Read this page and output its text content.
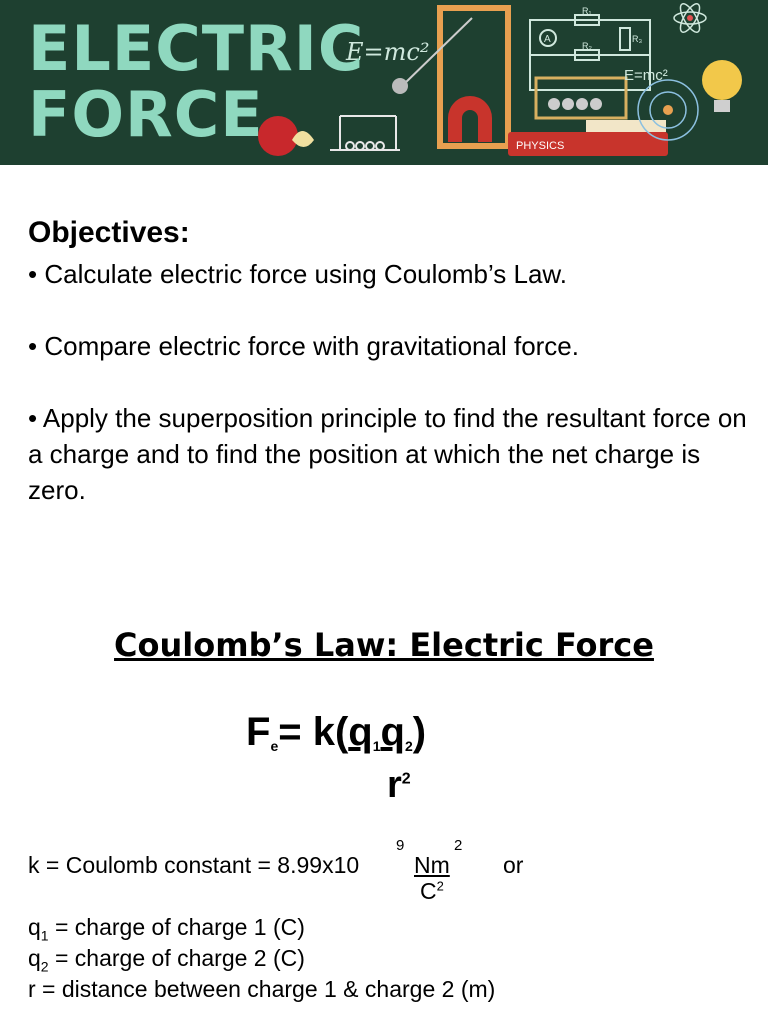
E=mc²	A
R₁
R₂
R₃
PHYSICS
E=mc²
ELECTRIC
FORCE
Objectives:
• Calculate electric force using Coulomb’s Law.
• Compare electric force with gravitational force.
• Apply the superposition principle to find the resultant force on a charge and to find the position at which the net charge is zero.
Coulomb’s Law: Electric Force
$F_e= k(q_1q_2)$
$r^2$
k = Coulomb constant = 8.99x10
9
Nm
2
$C^2$
or
$q_1$ = charge of charge 1 (C)
$q_2$ = charge of charge 2 (C)
r = distance between charge 1 & charge 2 (m)
